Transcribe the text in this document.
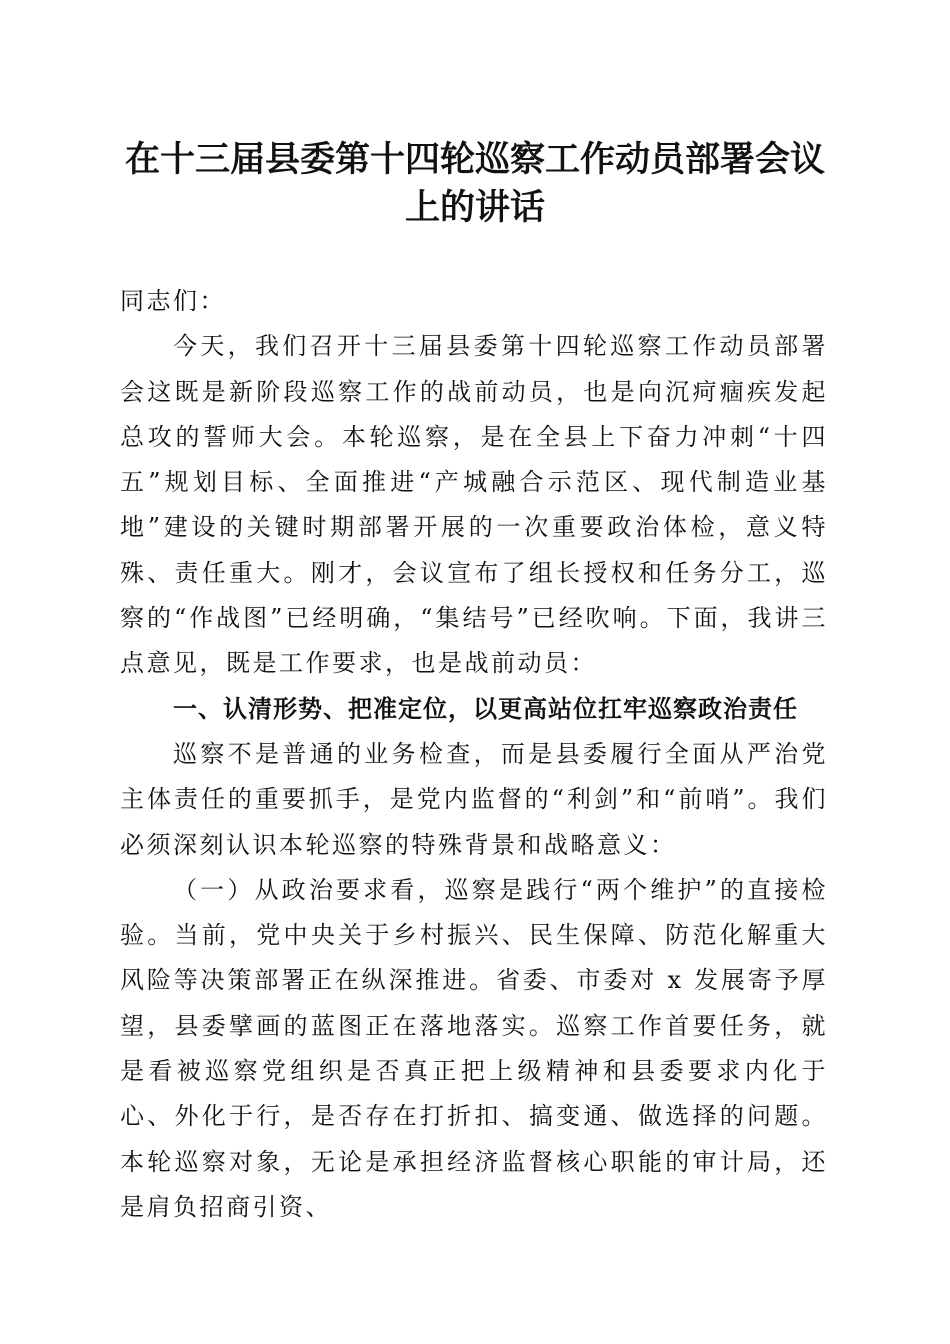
在十三届县委第十四轮巡察工作动员部署会议
上的讲话

同志们：

今天，我们召开十三届县委第十四轮巡察工作动员部署会这既是新阶段巡察工作的战前动员，也是向沉疴痼疾发起总攻的誓师大会。本轮巡察，是在全县上下奋力冲刺“十四五”规划目标、全面推进“产城融合示范区、现代制造业基地”建设的关键时期部署开展的一次重要政治体检，意义特殊、责任重大。刚才，会议宣布了组长授权和任务分工，巡察的“作战图”已经明确，“集结号”已经吹响。下面，我讲三点意见，既是工作要求，也是战前动员：

一、认清形势、把准定位，以更高站位扛牢巡察政治责任

巡察不是普通的业务检查，而是县委履行全面从严治党主体责任的重要抓手，是党内监督的“利剑”和“前哨”。我们必须深刻认识本轮巡察的特殊背景和战略意义：

（一）从政治要求看，巡察是践行“两个维护”的直接检验。当前，党中央关于乡村振兴、民生保障、防范化解重大风险等决策部署正在纵深推进。省委、市委对 x 发展寄予厚望，县委擘画的蓝图正在落地落实。巡察工作首要任务，就是看被巡察党组织是否真正把上级精神和县委要求内化于心、外化于行，是否存在打折扣、搞变通、做选择的问题。本轮巡察对象，无论是承担经济监督核心职能的审计局，还是肩负招商引资、
